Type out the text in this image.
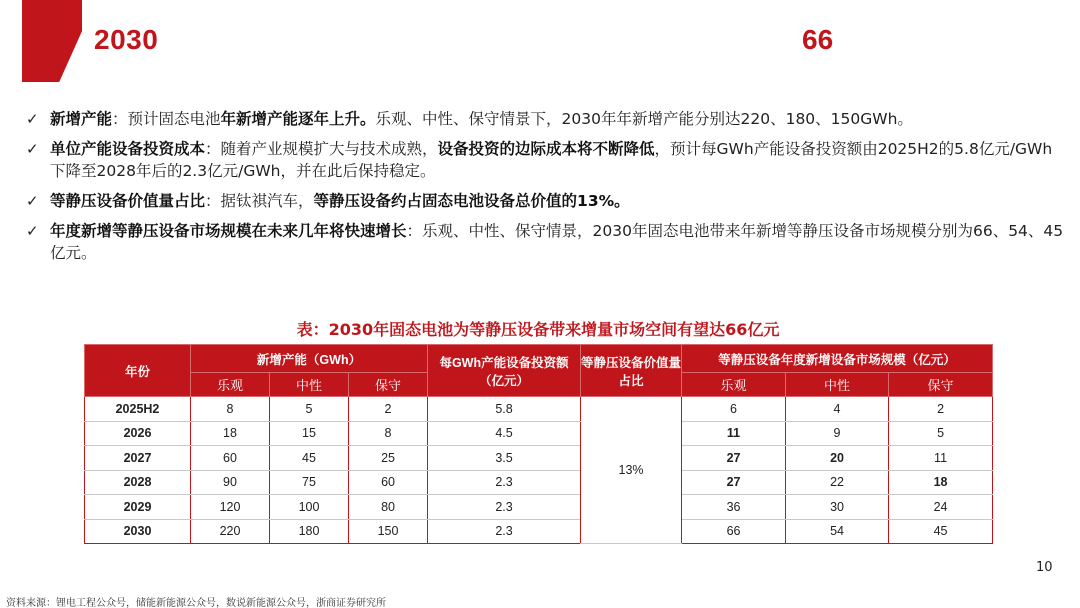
2030	66
✓ 新增产能：预计固态电池年新增产能逐年上升。乐观、中性、保守情景下，2030年年新增产能分别达220、180、150GWh。
✓ 单位产能设备投资成本：随着产业规模扩大与技术成熟，设备投资的边际成本将不断降低，预计每GWh产能设备投资额由2025H2的5.8亿元/GWh下降至2028年后的2.3亿元/GWh，并在此后保持稳定。
✓ 等静压设备价值量占比：据钛祺汽车，等静压设备约占固态电池设备总价值的13%。
✓ 年度新增等静压设备市场规模在未来几年将快速增长：乐观、中性、保守情景，2030年固态电池带来年新增等静压设备市场规模分别为66、54、45亿元。
表：2030年固态电池为等静压设备带来增量市场空间有望达66亿元
年份	新增产能（GWh）			每GWh产能设备投资额（亿元）	等静压设备价值量占比	等静压设备年度新增设备市场规模（亿元）		
	乐观	中性	保守			乐观	中性	保守
2025H2	8	5	2	5.8	13%	6	4	2
2026	18	15	8	4.5		11	9	5
2027	60	45	25	3.5		27	20	11
2028	90	75	60	2.3		27	22	18
2029	120	100	80	2.3		36	30	24
2030	220	180	150	2.3		66	54	45
10
资料来源：锂电工程公众号，储能新能源公众号，数说新能源公众号，浙商证券研究所
